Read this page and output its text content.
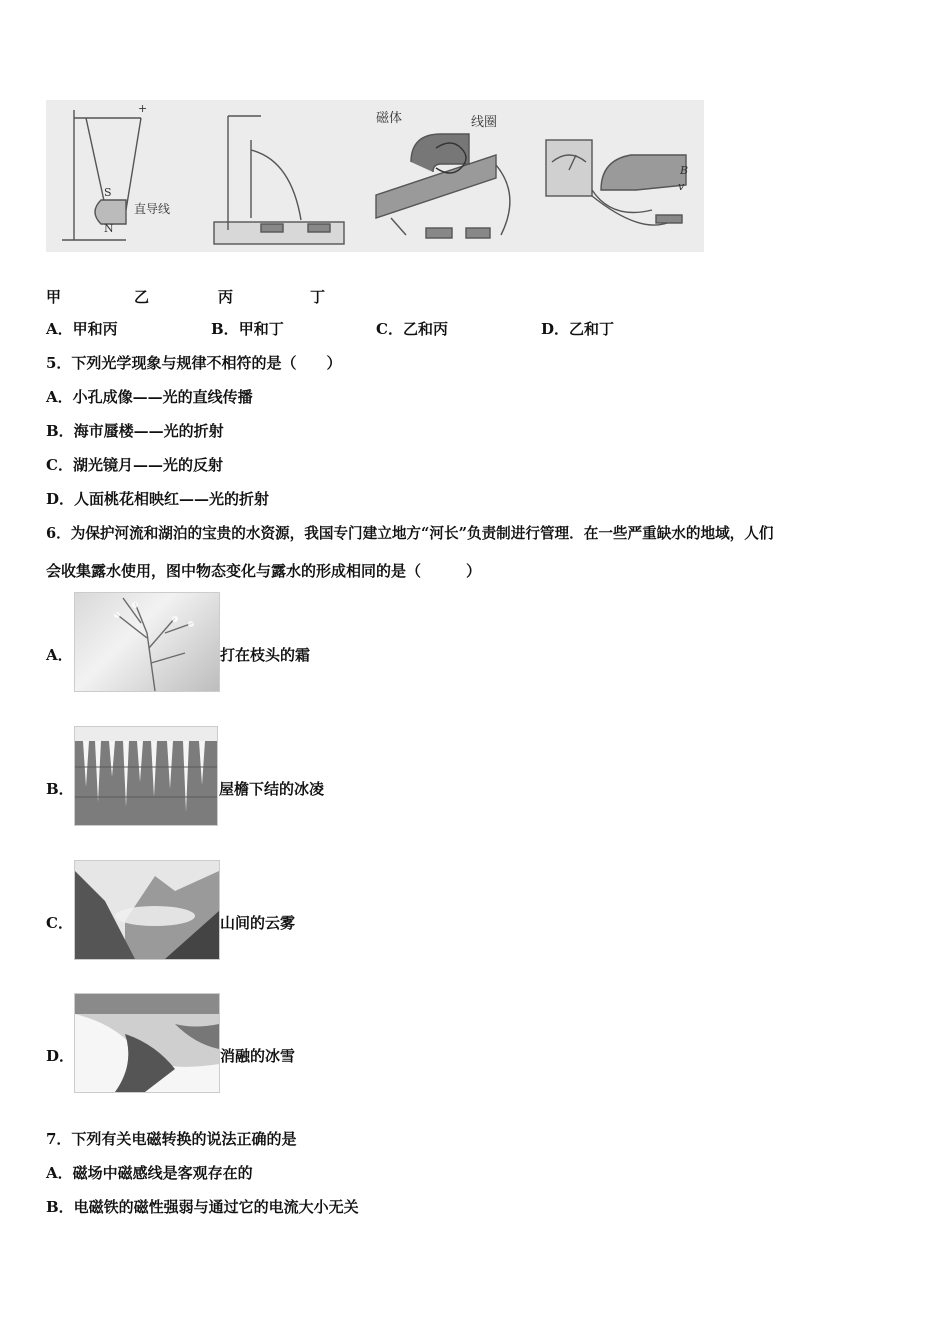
+
S
N
直导线
磁体	线圈
B
v
甲	乙	丙	丁
A．甲和丙	B．甲和丁	C．乙和丙	D．乙和丁
5．下列光学现象与规律不相符的是（　　）
A．小孔成像——光的直线传播
B．海市蜃楼——光的折射
C．湖光镜月——光的反射
D．人面桃花相映红——光的折射
6．为保护河流和湖泊的宝贵的水资源，我国专门建立地方“河长”负责制进行管理．在一些严重缺水的地域，人们
会收集露水使用，图中物态变化与露水的形成相同的是（　　　）
A．	打在枝头的霜
B．	屋檐下结的冰凌
C．	山间的云雾
D．	消融的冰雪
7．下列有关电磁转换的说法正确的是
A．磁场中磁感线是客观存在的
B．电磁铁的磁性强弱与通过它的电流大小无关
